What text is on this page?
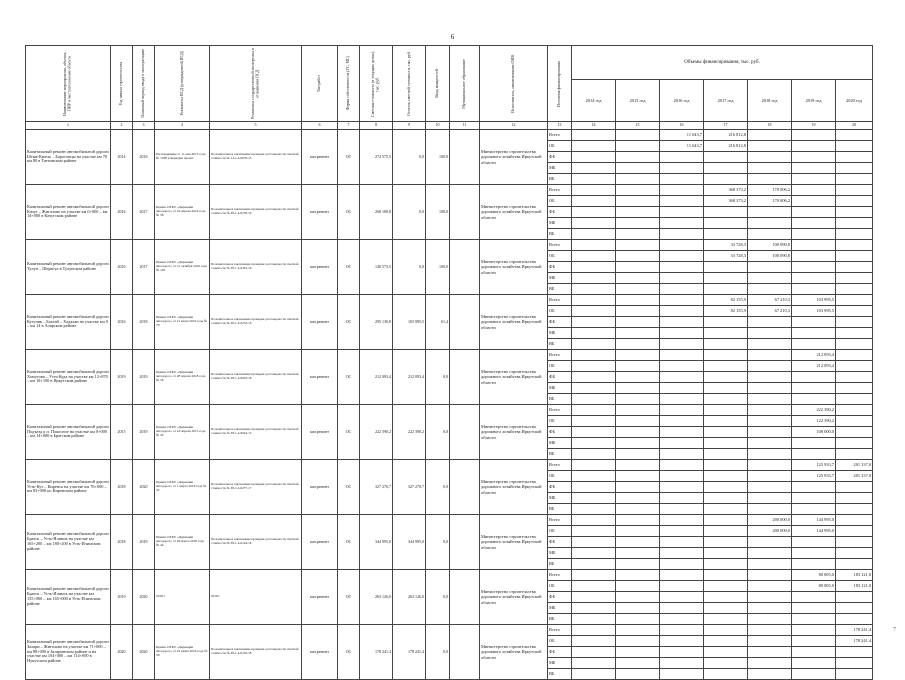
6
7
Наименование мероприятия, объекта, ПИР и местоположение объекта	Год начала строительства	Плановый период ввода в эксплуатацию	Реквизиты ПСД (утвержденной ПСД)	Реквизиты государственной экспертизы в отношении ПСД	Тип работ	Форма собственности (ГС, МС)	Сметная стоимость (в текущих ценах), тыс. руб.	Остаток сметной стоимости, тыс. руб.	Ввод мощностей	Муниципальное образование	Исполнитель, наименование ОИВ	Источник финансирования	Объемы финансирования, тыс. руб.						
													2014 год	2015 год	2016 год	2017 год	2018 год	2019 год	2020 год
1	2	3	4	5	6	7	8	9	10	11	12	13	14	15	16	17	18	19	20
Капитальный ремонт автомобильной дороги Ытык-Кюель – Борогонцы на участке км 70 км 80 в Таттинском районе	2014	2016	Распоряжение от 11 мая 2015 года № 1188 утвержден проект	Положительное заключение проверки достоверности сметной стоимости № 14-1-4-0079-15	кап.ремонт	ОС	272 575,5	0,0	100,0		Министерство строительства дорожного хозяйства Иркутской области	Всего			11 643,7	216 812,8			
												ОБ			11 643,7	216 812,8			
												ФБ							
												МБ							
												ВБ							
Капитальный ремонт автомобильной дороги Качуг – Жигалово на участке км 0+000 – км 14+000 в Качугском районе	2016	2017	Приказ ОГКУ «Дирекция автодорог» от 24 апреля 2016 года № 58	Положительное заключение проверки достоверности сметной стоимости № 38-1-4-0278-16	кап.ремонт	ОС	268 180,8	0,0	100,0		Министерство строительства дорожного хозяйства Иркутской области	Всего				368 373,2	170 006,2		
												ОБ				368 373,2	170 006,2		
												ФБ							
												МБ							
												ВБ							
Капитальный ремонт автомобильной дороги Тулун – Шерагул в Тулунском районе	2016	2017	Приказ ОГКУ «Дирекция автодорог» от 21 октября 2016 года № 163	Положительное заключение проверки достоверности сметной стоимости № 38-1-4-0391-16	кап.ремонт	ОС	140 573,5	0,0	100,0		Министерство строительства дорожного хозяйства Иркутской области	Всего				33 728,3	100 090,8		
												ОБ				33 728,3	100 090,8		
												ФБ							
												МБ							
												ВБ							
Капитальный ремонт автомобильной дороги Кутулик – Бахтай – Хадахан на участке км 0 – км 14 в Аларском районе	2016	2018	Приказ ОГКУ «Дирекция автодорог» от 21 июля 2016 года № 76	Положительное заключение проверки достоверности сметной стоимости № 38-1-4-0252-16	кап.ремонт	ОС	295 130,8	103 995,5	61,4		Министерство строительства дорожного хозяйства Иркутской области	Всего				82 155,9	67 210,3	103 995,5	
												ОБ				82 155,9	67 210,3	103 995,5	
												ФБ							
												МБ							
												ВБ							
Капитальный ремонт автомобильной дороги Хомутово – Усть-Куда на участке км 12+870 – км 18+100 в Иркутском районе	2019	2019	Приказ ОГКУ «Дирекция автодорог» от 28 апреля 2018 года № 56	Положительное заключение проверки достоверности сметной стоимости № 38-1-4-0018-18	кап.ремонт	ОС	212 093,4	212 093,4	0,0		Министерство строительства дорожного хозяйства Иркутской области	Всего						212 093,4	
												ОБ						212 093,4	
												ФБ							
												МБ							
												ВБ							
Капитальный ремонт автомобильной дороги Подъезд к п. Покосное на участке км 0+000 – км 14+000 в Братском районе	2015	2019	Приказ ОГКУ «Дирекция автодорог» от 24 апреля 2015 года № 43	Положительное заключение проверки достоверности сметной стоимости № 38-1-4-0024-15	кап.ремонт	ОС	222 390,2	222 390,2	0,0		Министерство строительства дорожного хозяйства Иркутской области	Всего						222 390,2	
												ОБ						122 390,2	
												ФБ						100 000,0	
												МБ							
												ВБ							
Капитальный ремонт автомобильной дороги Усть-Кут – Киренск на участке км 76+000 – км 83+000 по Киренском районе	2018	2020	Приказ ОГКУ «Дирекция автодорог» от 1 марта 2018 года № 32	Положительное заключение проверки достоверности сметной стоимости № 38-1-4-0277-17	кап.ремонт	ОС	327 270,7	327 270,7	0,0		Министерство строительства дорожного хозяйства Иркутской области	Всего						125 933,7	201 337,0
												ОБ						125 933,7	201 337,0
												ФБ							
												МБ							
												ВБ							
Капитальный ремонт автомобильной дороги Братск – Усть-Илимск на участке км 165+200 – км 180+200 в Усть-Илимском районе	2018	2019	Приказ ОГКУ «Дирекция автодорог» от 26 марта 2018 года № 44	Положительное заключение проверки достоверности сметной стоимости № 38-1-4-0144-18	кап.ремонт	ОС	344 995,0	344 995,0	0,0		Министерство строительства дорожного хозяйства Иркутской области	Всего					200 000,0	144 995,0	
												ОБ					200 000,0	144 995,0	
												ФБ							
												МБ							
												ВБ							
Капитальный ремонт автомобильной дороги Братск – Усть-Илимск на участке км 155+000 – км 165+000 в Усть-Илимском районе	2019	2020	2018 г.	2018 г.	кап.ремонт	ОС	263 126,0	263 126,0	0,0		Министерство строительства дорожного хозяйства Иркутской области	Всего						80 005,0	183 121,0
												ОБ						80 005,0	183 121,0
												ФБ							
												МБ							
												ВБ							
Капитальный ремонт автомобильной дороги Залари – Жигалово на участке км 71+000 – км 88+000 в Заларинском районе и на участке км 104+000 – км 114+000 в Нукутском районе	2020	2020	Приказ ОГКУ «Дирекция автодорог» от 25 июня 2018 года № 58	Положительное заключение проверки достоверности сметной стоимости № 38-1-4-0192-18	кап.ремонт	ОС	178 241,4	178 241,4	0,0		Министерство строительства дорожного хозяйства Иркутской области	Всего							178 241,4
												ОБ							178 241,4
												ФБ							
												МБ							
												ВБ							
